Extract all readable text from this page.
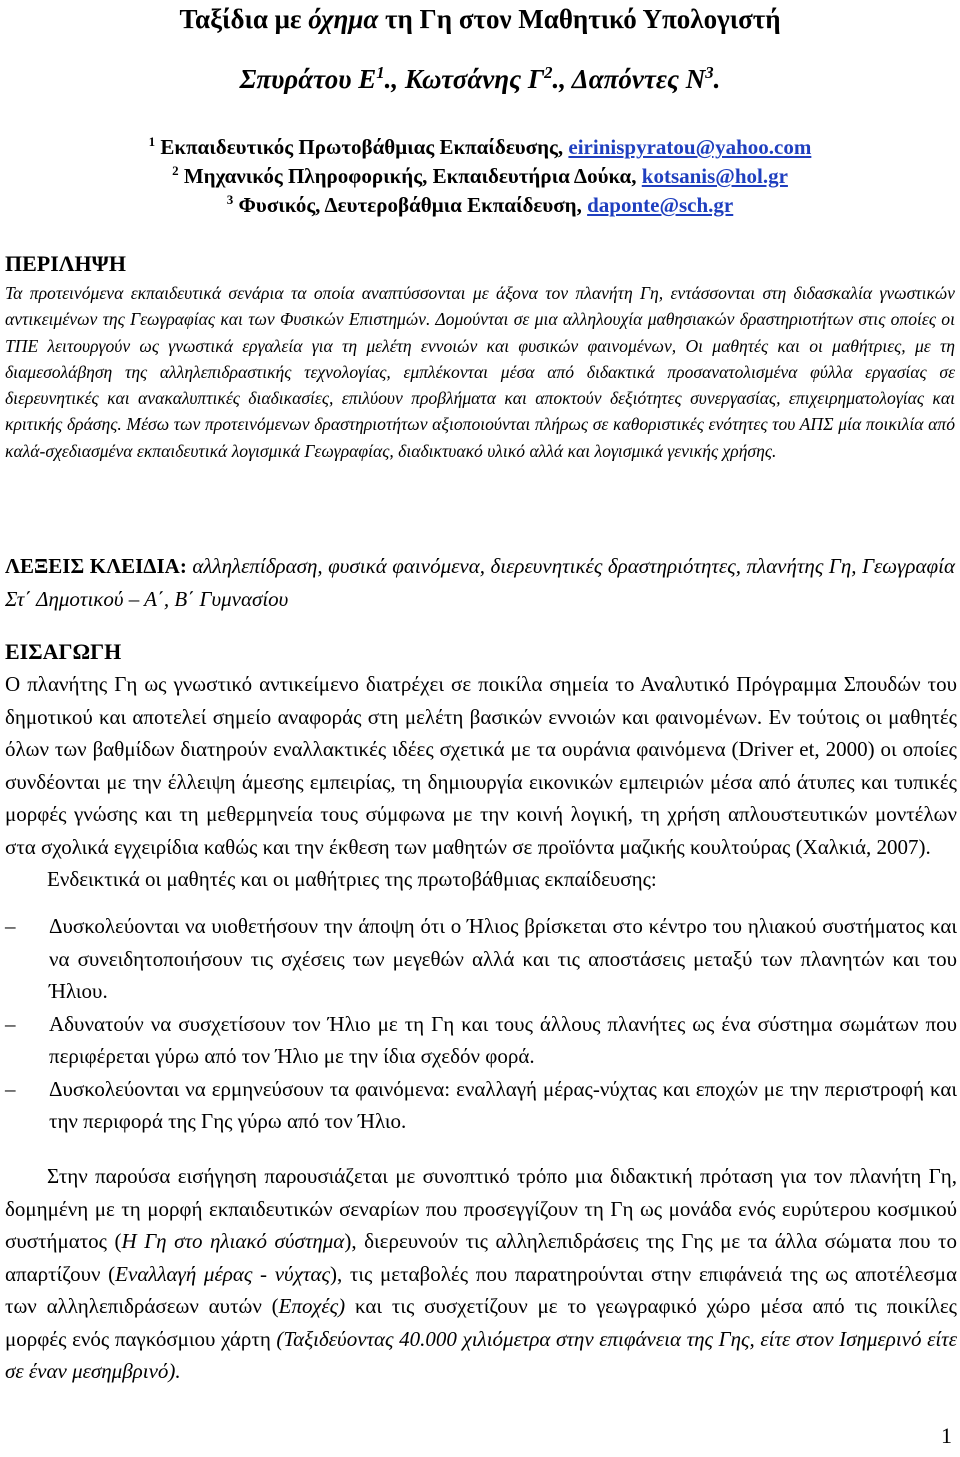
Ταξίδια με όχημα τη Γη στον Μαθητικό Υπολογιστή
Σπυράτου $E^1$., Κωτσάνης $\Gamma^2$., Δαπόντες $N^3$.
$^1$ Εκπαιδευτικός Πρωτοβάθμιας Εκπαίδευσης, eirinispyratou@yahoo.com
$^2$ Μηχανικός Πληροφορικής, Εκπαιδευτήρια Δούκα, kotsanis@hol.gr
$^3$ Φυσικός, Δευτεροβάθμια Εκπαίδευση, daponte@sch.gr
ΠΕΡΙΛΗΨΗ
Τα προτεινόμενα εκπαιδευτικά σενάρια τα οποία αναπτύσσονται με άξονα τον πλανήτη Γη, εντάσσονται στη διδασκαλία γνωστικών αντικειμένων της Γεωγραφίας και των Φυσικών Επιστημών. Δομούνται σε μια αλληλουχία μαθησιακών δραστηριοτήτων στις οποίες οι ΤΠΕ λειτουργούν ως γνωστικά εργαλεία για τη μελέτη εννοιών και φυσικών φαινομένων, Οι μαθητές και οι μαθήτριες, με τη διαμεσολάβηση της αλληλεπιδραστικής τεχνολογίας, εμπλέκονται μέσα από διδακτικά προσανατολισμένα φύλλα εργασίας σε διερευνητικές και ανακαλυπτικές διαδικασίες, επιλύουν προβλήματα και αποκτούν δεξιότητες συνεργασίας, επιχειρηματολογίας και κριτικής δράσης. Μέσω των προτεινόμενων δραστηριοτήτων αξιοποιούνται πλήρως σε καθοριστικές ενότητες του ΑΠΣ μία ποικιλία από καλά-σχεδιασμένα εκπαιδευτικά λογισμικά Γεωγραφίας, διαδικτυακό υλικό αλλά και λογισμικά γενικής χρήσης.
ΛΕΞΕΙΣ ΚΛΕΙΔΙΑ: αλληλεπίδραση, φυσικά φαινόμενα, διερευνητικές δραστηριότητες, πλανήτης Γη, Γεωγραφία Στ΄ Δημοτικού – Α΄, Β΄ Γυμνασίου
ΕΙΣΑΓΩΓΗ

Ο πλανήτης Γη ως γνωστικό αντικείμενο διατρέχει σε ποικίλα σημεία το Αναλυτικό Πρόγραμμα Σπουδών του δημοτικού και αποτελεί σημείο αναφοράς στη μελέτη βασικών εννοιών και φαινομένων. Εν τούτοις οι μαθητές όλων των βαθμίδων διατηρούν εναλλακτικές ιδέες σχετικά με τα ουράνια φαινόμενα (Driver et, 2000) οι οποίες συνδέονται με την έλλειψη άμεσης εμπειρίας, τη δημιουργία εικονικών εμπειριών μέσα από άτυπες και τυπικές μορφές γνώσης και τη μεθερμηνεία τους σύμφωνα με την κοινή λογική, τη χρήση απλουστευτικών μοντέλων στα σχολικά εγχειρίδια καθώς και την έκθεση των μαθητών σε προϊόντα μαζικής κουλτούρας (Χαλκιά, 2007).

Ενδεικτικά οι μαθητές και οι μαθήτριες της πρωτοβάθμιας εκπαίδευσης:

–	Δυσκολεύονται να υιοθετήσουν την άποψη ότι ο Ήλιος βρίσκεται στο κέντρο του ηλιακού συστήματος και να συνειδητοποιήσουν τις σχέσεις των μεγεθών αλλά και τις αποστάσεις μεταξύ των πλανητών και του Ήλιου.
–	Αδυνατούν να συσχετίσουν τον Ήλιο με τη Γη και τους άλλους πλανήτες ως ένα σύστημα σωμάτων που περιφέρεται γύρω από τον Ήλιο με την ίδια σχεδόν φορά.
–	Δυσκολεύονται να ερμηνεύσουν τα φαινόμενα: εναλλαγή μέρας-νύχτας και εποχών με την περιστροφή και την περιφορά της Γης γύρω από τον Ήλιο.

Στην παρούσα εισήγηση παρουσιάζεται με συνοπτικό τρόπο μια διδακτική πρόταση για τον πλανήτη Γη, δομημένη με τη μορφή εκπαιδευτικών σεναρίων που προσεγγίζουν τη Γη ως μονάδα ενός ευρύτερου κοσμικού συστήματος (Η Γη στο ηλιακό σύστημα), διερευνούν τις αλληλεπιδράσεις της Γης με τα άλλα σώματα που τo απαρτίζουν (Εναλλαγή μέρας - νύχτας), τις μεταβολές που παρατηρούνται στην επιφάνειά της ως αποτέλεσμα των αλληλεπιδράσεων αυτών (Εποχές) και τις συσχετίζουν με το γεωγραφικό χώρο μέσα από τις ποικίλες μορφές ενός παγκόσμιου χάρτη (Ταξιδεύοντας 40.000 χιλιόμετρα στην επιφάνεια της Γης, είτε στον Ισημερινό είτε σε έναν μεσημβρινό).

1
